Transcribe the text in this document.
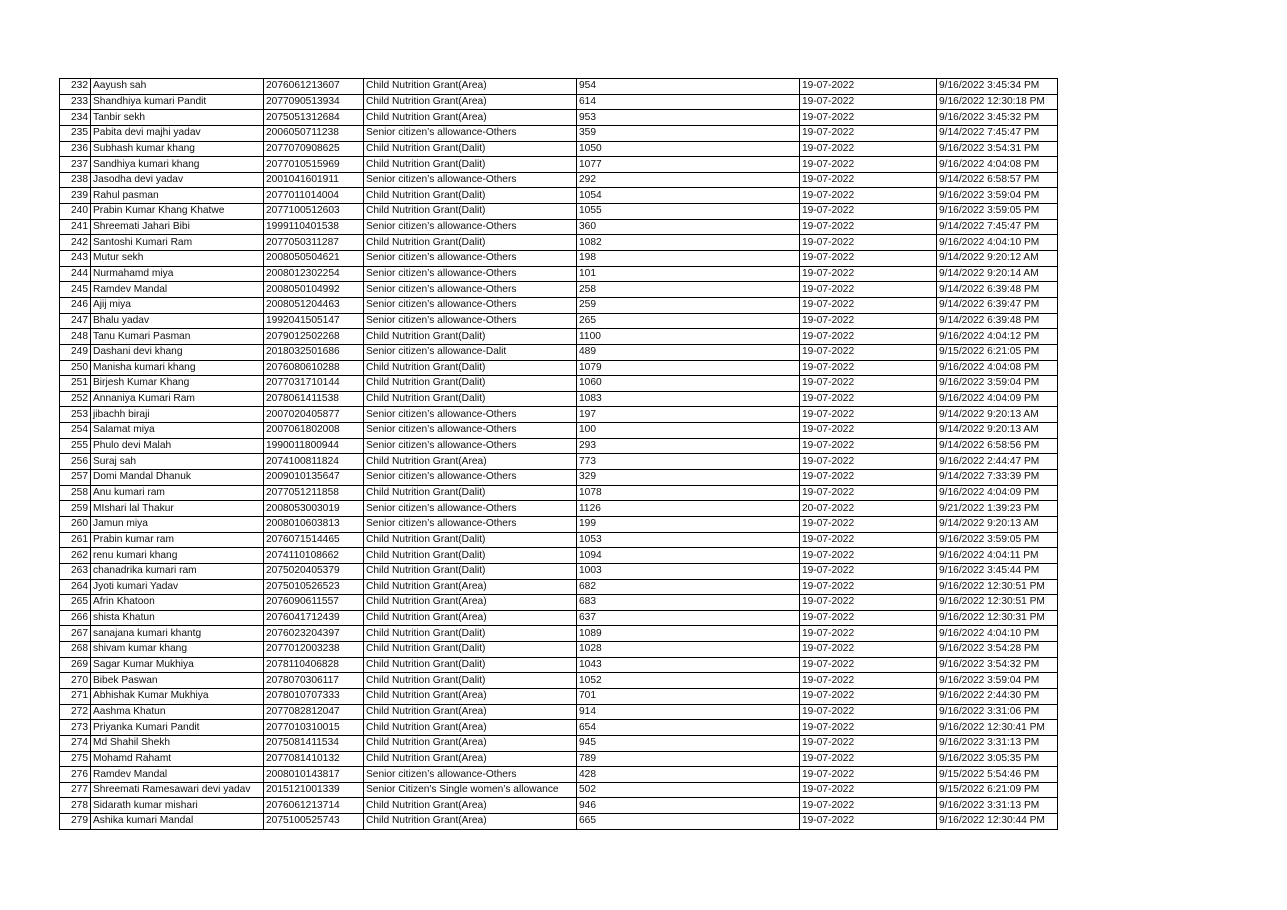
232	Aayush sah	2076061213607	Child Nutrition Grant(Area)	954	19-07-2022	9/16/2022 3:45:34 PM
233	Shandhiya kumari Pandit	2077090513934	Child Nutrition Grant(Area)	614	19-07-2022	9/16/2022 12:30:18 PM
234	Tanbir sekh	2075051312684	Child Nutrition Grant(Area)	953	19-07-2022	9/16/2022 3:45:32 PM
235	Pabita devi majhi yadav	2006050711238	Senior citizen’s allowance-Others	359	19-07-2022	9/14/2022 7:45:47 PM
236	Subhash kumar khang	2077070908625	Child Nutrition Grant(Dalit)	1050	19-07-2022	9/16/2022 3:54:31 PM
237	Sandhiya kumari khang	2077010515969	Child Nutrition Grant(Dalit)	1077	19-07-2022	9/16/2022 4:04:08 PM
238	Jasodha devi yadav	2001041601911	Senior citizen’s allowance-Others	292	19-07-2022	9/14/2022 6:58:57 PM
239	Rahul pasman	2077011014004	Child Nutrition Grant(Dalit)	1054	19-07-2022	9/16/2022 3:59:04 PM
240	Prabin Kumar Khang Khatwe	2077100512603	Child Nutrition Grant(Dalit)	1055	19-07-2022	9/16/2022 3:59:05 PM
241	Shreemati Jahari Bibi	1999110401538	Senior citizen’s allowance-Others	360	19-07-2022	9/14/2022 7:45:47 PM
242	Santoshi Kumari Ram	2077050311287	Child Nutrition Grant(Dalit)	1082	19-07-2022	9/16/2022 4:04:10 PM
243	Mutur sekh	2008050504621	Senior citizen’s allowance-Others	198	19-07-2022	9/14/2022 9:20:12 AM
244	Nurmahamd miya	2008012302254	Senior citizen’s allowance-Others	101	19-07-2022	9/14/2022 9:20:14 AM
245	Ramdev Mandal	2008050104992	Senior citizen’s allowance-Others	258	19-07-2022	9/14/2022 6:39:48 PM
246	Ajij miya	2008051204463	Senior citizen’s allowance-Others	259	19-07-2022	9/14/2022 6:39:47 PM
247	Bhalu yadav	1992041505147	Senior citizen’s allowance-Others	265	19-07-2022	9/14/2022 6:39:48 PM
248	Tanu Kumari Pasman	2079012502268	Child Nutrition Grant(Dalit)	1100	19-07-2022	9/16/2022 4:04:12 PM
249	Dashani devi khang	2018032501686	Senior citizen’s allowance-Dalit	489	19-07-2022	9/15/2022 6:21:05 PM
250	Manisha kumari khang	2076080610288	Child Nutrition Grant(Dalit)	1079	19-07-2022	9/16/2022 4:04:08 PM
251	Birjesh Kumar Khang	2077031710144	Child Nutrition Grant(Dalit)	1060	19-07-2022	9/16/2022 3:59:04 PM
252	Annaniya Kumari Ram	2078061411538	Child Nutrition Grant(Dalit)	1083	19-07-2022	9/16/2022 4:04:09 PM
253	jibachh biraji	2007020405877	Senior citizen’s allowance-Others	197	19-07-2022	9/14/2022 9:20:13 AM
254	Salamat miya	2007061802008	Senior citizen’s allowance-Others	100	19-07-2022	9/14/2022 9:20:13 AM
255	Phulo devi Malah	1990011800944	Senior citizen’s allowance-Others	293	19-07-2022	9/14/2022 6:58:56 PM
256	Suraj sah	2074100811824	Child Nutrition Grant(Area)	773	19-07-2022	9/16/2022 2:44:47 PM
257	Domi Mandal Dhanuk	2009010135647	Senior citizen’s allowance-Others	329	19-07-2022	9/14/2022 7:33:39 PM
258	Anu kumari ram	2077051211858	Child Nutrition Grant(Dalit)	1078	19-07-2022	9/16/2022 4:04:09 PM
259	MIshari lal Thakur	2008053003019	Senior citizen’s allowance-Others	1126	20-07-2022	9/21/2022 1:39:23 PM
260	Jamun miya	2008010603813	Senior citizen’s allowance-Others	199	19-07-2022	9/14/2022 9:20:13 AM
261	Prabin kumar ram	2076071514465	Child Nutrition Grant(Dalit)	1053	19-07-2022	9/16/2022 3:59:05 PM
262	renu kumari khang	2074110108662	Child Nutrition Grant(Dalit)	1094	19-07-2022	9/16/2022 4:04:11 PM
263	chanadrika kumari ram	2075020405379	Child Nutrition Grant(Dalit)	1003	19-07-2022	9/16/2022 3:45:44 PM
264	Jyoti kumari Yadav	2075010526523	Child Nutrition Grant(Area)	682	19-07-2022	9/16/2022 12:30:51 PM
265	Afrin Khatoon	2076090611557	Child Nutrition Grant(Area)	683	19-07-2022	9/16/2022 12:30:51 PM
266	shista Khatun	2076041712439	Child Nutrition Grant(Area)	637	19-07-2022	9/16/2022 12:30:31 PM
267	sanajana kumari khantg	2076023204397	Child Nutrition Grant(Dalit)	1089	19-07-2022	9/16/2022 4:04:10 PM
268	shivam kumar khang	2077012003238	Child Nutrition Grant(Dalit)	1028	19-07-2022	9/16/2022 3:54:28 PM
269	Sagar Kumar Mukhiya	2078110406828	Child Nutrition Grant(Dalit)	1043	19-07-2022	9/16/2022 3:54:32 PM
270	Bibek Paswan	2078070306117	Child Nutrition Grant(Dalit)	1052	19-07-2022	9/16/2022 3:59:04 PM
271	Abhishak Kumar Mukhiya	2078010707333	Child Nutrition Grant(Area)	701	19-07-2022	9/16/2022 2:44:30 PM
272	Aashma Khatun	2077082812047	Child Nutrition Grant(Area)	914	19-07-2022	9/16/2022 3:31:06 PM
273	Priyanka Kumari Pandit	2077010310015	Child Nutrition Grant(Area)	654	19-07-2022	9/16/2022 12:30:41 PM
274	Md Shahil Shekh	2075081411534	Child Nutrition Grant(Area)	945	19-07-2022	9/16/2022 3:31:13 PM
275	Mohamd Rahamt	2077081410132	Child Nutrition Grant(Area)	789	19-07-2022	9/16/2022 3:05:35 PM
276	Ramdev Mandal	2008010143817	Senior citizen’s allowance-Others	428	19-07-2022	9/15/2022 5:54:46 PM
277	Shreemati Ramesawari devi yadav	2015121001339	Senior Citizen's Single women’s allowance	502	19-07-2022	9/15/2022 6:21:09 PM
278	Sidarath kumar mishari	2076061213714	Child Nutrition Grant(Area)	946	19-07-2022	9/16/2022 3:31:13 PM
279	Ashika kumari Mandal	2075100525743	Child Nutrition Grant(Area)	665	19-07-2022	9/16/2022 12:30:44 PM
